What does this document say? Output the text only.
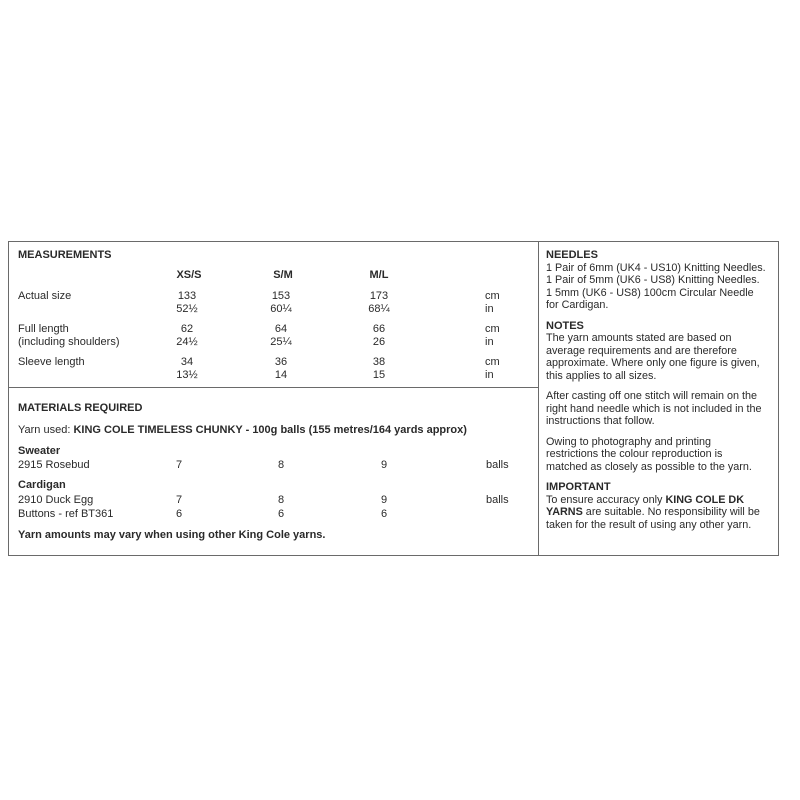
MEASUREMENTS
XS/S	S/M	M/L
Actual size	133	153	173	cm
52½	60¼	68¼	in
Full length
(including shoulders)
62	64	66	cm
24½	25¼	26	in
Sleeve length	34	36	38	cm
13½	14	15	in
MATERIALS REQUIRED
Yarn used: KING COLE TIMELESS CHUNKY - 100g balls (155 metres/164 yards approx)
Sweater
2915 Rosebud	7	8	9	balls
Cardigan
2910 Duck Egg	7	8	9	balls
Buttons - ref BT361	6	6	6
Yarn amounts may vary when using other King Cole yarns.

NEEDLES

1 Pair of 6mm (UK4 - US10) Knitting Needles.

1 Pair of 5mm (UK6 - US8) Knitting Needles.

1 5mm (UK6 - US8) 100cm Circular Needle

for Cardigan.

NOTES

The yarn amounts stated are based on

average requirements and are therefore

approximate. Where only one figure is given,

this applies to all sizes.

After casting off one stitch will remain on the

right hand needle which is not included in the

instructions that follow.

Owing to photography and printing

restrictions the colour reproduction is

matched as closely as possible to the yarn.

IMPORTANT

To ensure accuracy only KING COLE DK

YARNS are suitable. No responsibility will be

taken for the result of using any other yarn.
